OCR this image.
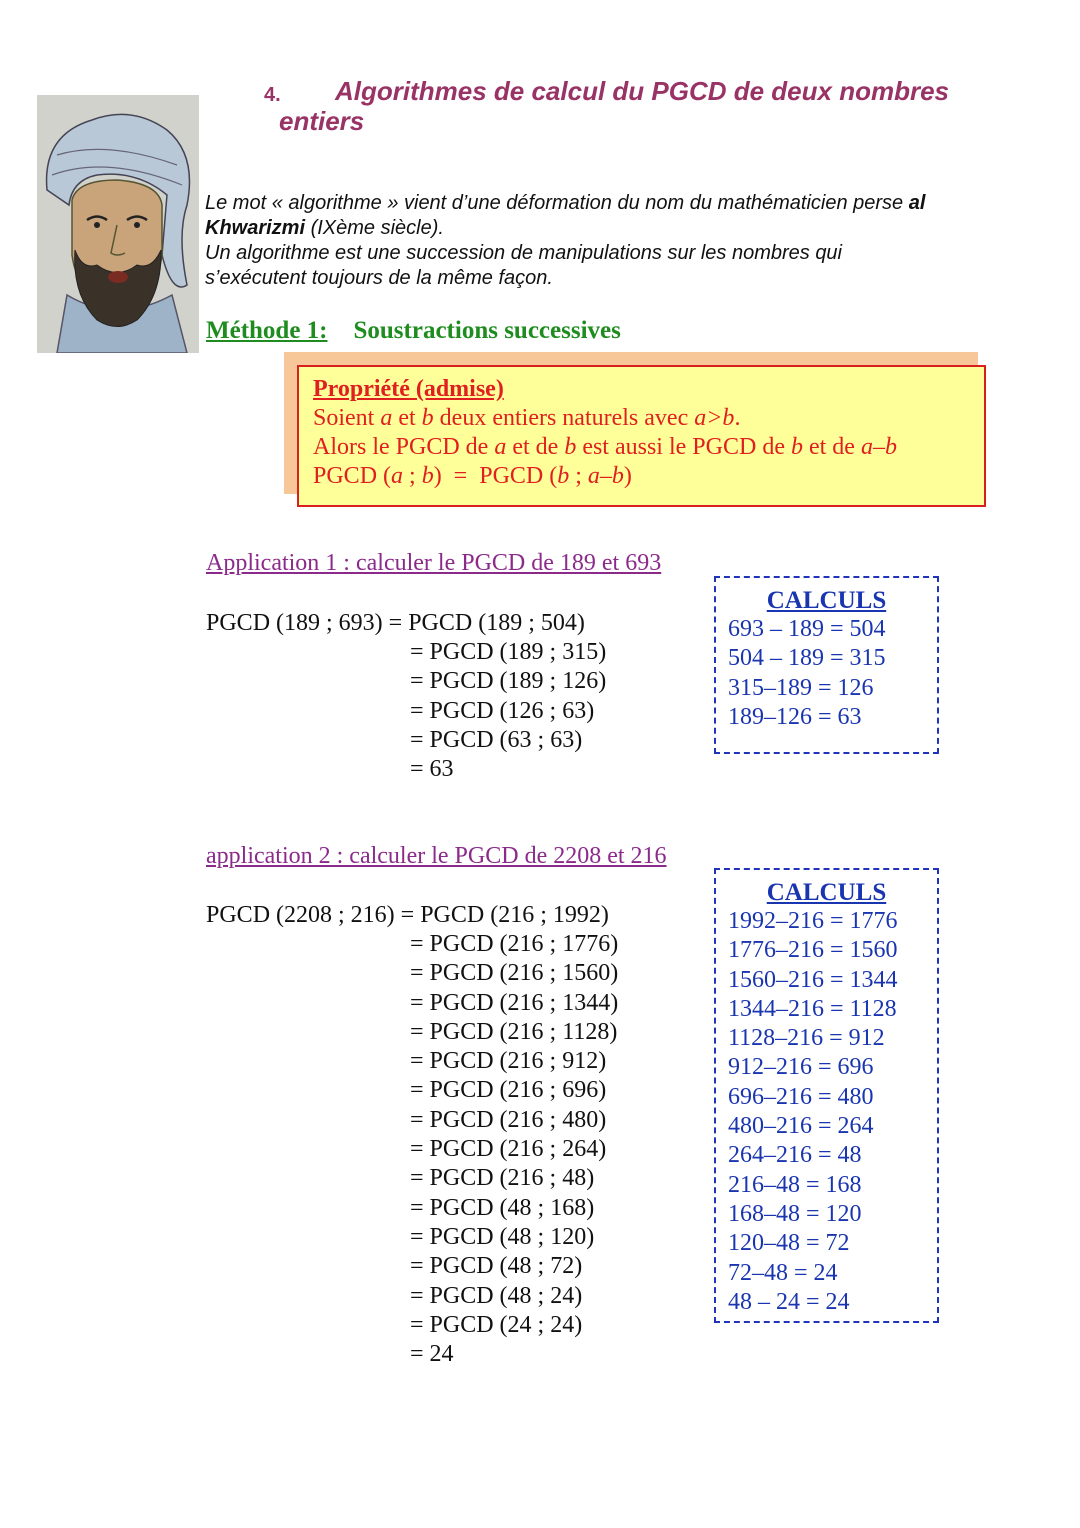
4. Algorithmes de calcul du PGCD de deux nombres
entiers

Le mot « algorithme » vient d’une déformation du nom du mathématicien perse al

Khwarizmi (IXème siècle).

Un algorithme est une succession de manipulations sur les nombres qui

s’exécutent toujours de la même façon.

Méthode 1: Soustractions successives
Propriété (admise)
Soient a et b deux entiers naturels avec a>b.
Alors le PGCD de a et de b est aussi le PGCD de b et de a–b
PGCD (a ; b)  =  PGCD (b ; a–b)
Application 1 : calculer le PGCD de 189 et 693
PGCD (189 ; 693) = PGCD (189 ; 504)
= PGCD (189 ; 315)
= PGCD (189 ; 126)
= PGCD (126 ; 63)
= PGCD (63 ; 63)
= 63
CALCULS
693 – 189 = 504
504 – 189 = 315
315–189 = 126
189–126 = 63
application 2 : calculer le PGCD de 2208 et 216
PGCD (2208 ; 216) = PGCD (216 ; 1992)
= PGCD (216 ; 1776)
= PGCD (216 ; 1560)
= PGCD (216 ; 1344)
= PGCD (216 ; 1128)
= PGCD (216 ; 912)
= PGCD (216 ; 696)
= PGCD (216 ; 480)
= PGCD (216 ; 264)
= PGCD (216 ; 48)
= PGCD (48 ; 168)
= PGCD (48 ; 120)
= PGCD (48 ; 72)
= PGCD (48 ; 24)
= PGCD (24 ; 24)
= 24
CALCULS
1992–216 = 1776
1776–216 = 1560
1560–216 = 1344
1344–216 = 1128
1128–216 = 912
912–216 = 696
696–216 = 480
480–216 = 264
264–216 = 48
216–48 = 168
168–48 = 120
120–48 = 72
72–48 = 24
48 – 24 = 24
